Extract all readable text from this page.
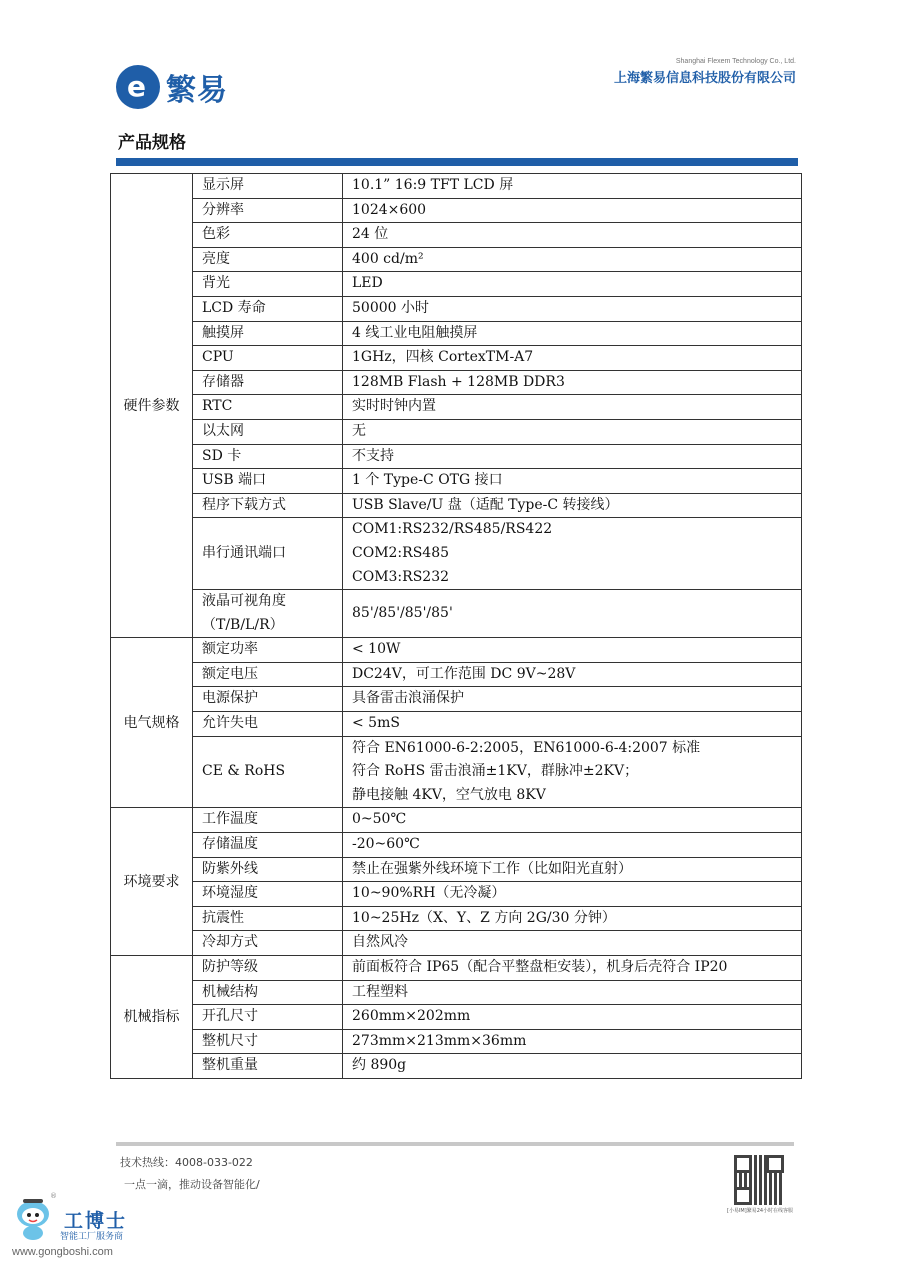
e 繁易
Shanghai Flexem Technology Co., Ltd.
上海繁易信息科技股份有限公司
产品规格
硬件参数	显示屏	10.1” 16:9 TFT LCD 屏

	分辨率	1024×600

	色彩	24 位

	亮度	400 cd/m²

	背光	LED

	LCD 寿命	50000 小时

	触摸屏	4 线工业电阻触摸屏

	CPU	1GHz，四核 CortexTM-A7

	存储器	128MB Flash + 128MB DDR3

	RTC	实时时钟内置

	以太网	无

	SD 卡	不支持

	USB 端口	1 个 Type-C OTG 接口

	程序下载方式	USB Slave/U 盘（适配 Type-C 转接线）

	串行通讯端口	COM1:RS232/RS485/RS422
COM2:RS485
COM3:RS232

	液晶可视角度
（T/B/L/R）	85'/85'/85'/85'

电气规格	额定功率	< 10W

	额定电压	DC24V，可工作范围 DC 9V~28V

	电源保护	具备雷击浪涌保护

	允许失电	< 5mS

	CE & RoHS	符合 EN61000-6-2:2005，EN61000-6-4:2007 标准
符合 RoHS 雷击浪涌±1KV，群脉冲±2KV；
静电接触 4KV，空气放电 8KV

环境要求	工作温度	0~50℃

	存储温度	-20~60℃

	防紫外线	禁止在强紫外线环境下工作（比如阳光直射）

	环境湿度	10~90%RH（无冷凝）

	抗震性	10~25Hz（X、Y、Z 方向 2G/30 分钟）

	冷却方式	自然风冷

机械指标	防护等级	前面板符合 IP65（配合平整盘柜安装），机身后壳符合 IP20

	机械结构	工程塑料

	开孔尺寸	260mm×202mm

	整机尺寸	273mm×213mm×36mm

	整机重量	约 890g
技术热线：4008-033-022
一点一滴，推动设备智能化/
[小易IM]繁易24小时在线客服
®
工博士
智能工厂服务商
www.gongboshi.com
